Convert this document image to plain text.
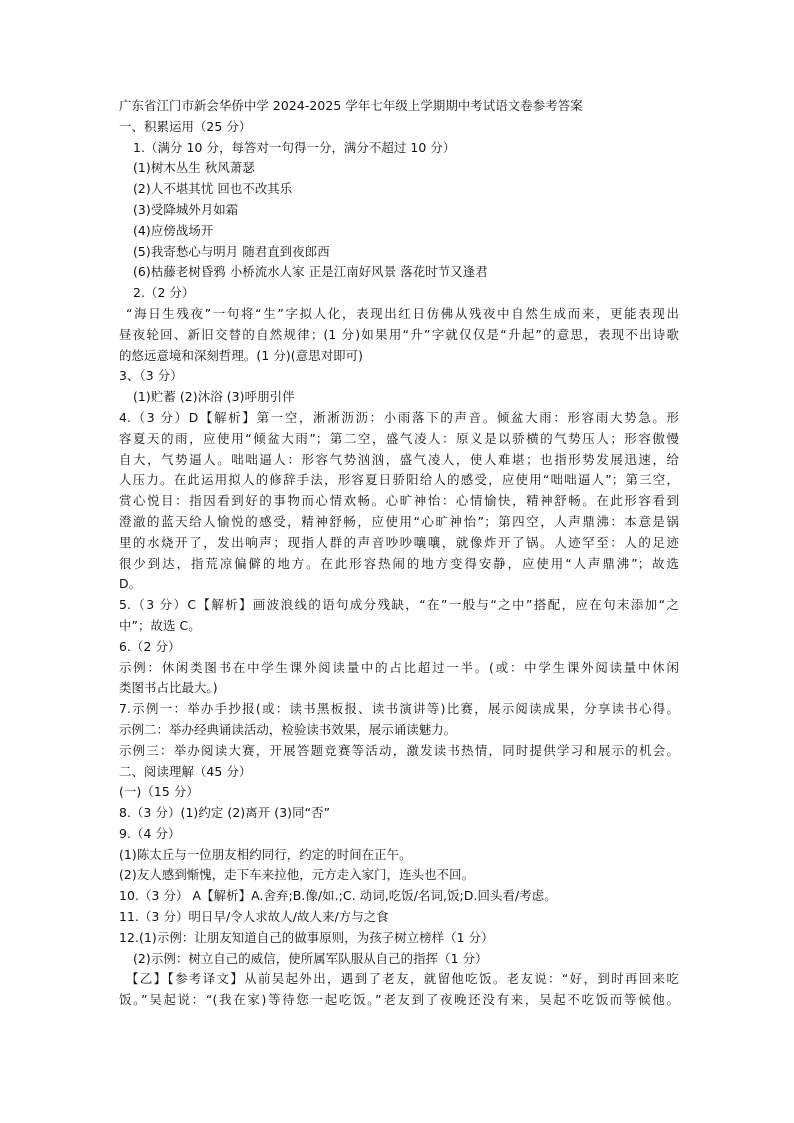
广东省江门市新会华侨中学 2024-2025 学年七年级上学期期中考试语文卷参考答案
一、积累运用（25 分）
1.（满分 10 分，每答对一句得一分，满分不超过 10 分）
(1)树木丛生 秋风萧瑟
(2)人不堪其忧 回也不改其乐
(3)受降城外月如霜
(4)应傍战场开
(5)我寄愁心与明月 随君直到夜郎西
(6)枯藤老树昏鸦 小桥流水人家 正是江南好风景 落花时节又逢君
2.（2 分）
“海日生残夜”一句将“生”字拟人化，表现出红日仿佛从残夜中自然生成而来，更能表现出
昼夜轮回、新旧交替的自然规律；(1 分)如果用“升”字就仅仅是“升起”的意思，表现不出诗歌
的悠远意境和深刻哲理。(1 分)(意思对即可)
3、（3 分）
(1)贮蓄 (2)沐浴 (3)呼朋引伴
4.（3 分）D【解析】第一空，淅淅沥沥：小雨落下的声音。倾盆大雨：形容雨大势急。形
容夏天的雨，应使用“倾盆大雨”；第二空，盛气凌人：原义是以骄横的气势压人；形容傲慢
自大，气势逼人。咄咄逼人：形容气势汹汹，盛气凌人，使人难堪；也指形势发展迅速，给
人压力。在此运用拟人的修辞手法，形容夏日骄阳给人的感受，应使用“咄咄逼人”；第三空，
赏心悦目：指因看到好的事物而心情欢畅。心旷神怡：心情愉快，精神舒畅。在此形容看到
澄澈的蓝天给人愉悦的感受，精神舒畅，应使用“心旷神怡”；第四空，人声鼎沸：本意是锅
里的水烧开了，发出响声；现指人群的声音吵吵嚷嚷，就像炸开了锅。人迹罕至：人的足迹
很少到达，指荒凉偏僻的地方。在此形容热闹的地方变得安静，应使用“人声鼎沸”；故选
D。
5.（3 分）C【解析】画波浪线的语句成分残缺，“在”一般与“之中”搭配，应在句末添加“之
中”；故选 C。
6.（2 分）
示例：休闲类图书在中学生课外阅读量中的占比超过一半。(或：中学生课外阅读量中休闲
类图书占比最大。)
7.示例一：举办手抄报(或：读书黑板报、读书演讲等)比赛，展示阅读成果，分享读书心得。
示例二：举办经典诵读活动，检验读书效果，展示诵读魅力。
示例三：举办阅读大赛，开展答题竞赛等活动，激发读书热情，同时提供学习和展示的机会。
二、阅读理解（45 分）
(一)（15 分）
8.（3 分）(1)约定 (2)离开 (3)同“否”
9.（4 分）
(1)陈太丘与一位朋友相约同行，约定的时间在正午。
(2)友人感到惭愧，走下车来拉他，元方走入家门，连头也不回。
10.（3 分） A【解析】A.舍弃;B.像/如.;C. 动词,吃饭/名词,饭;D.回头看/考虑。
11.（3 分）明日早/令人求故人/故人来/方与之食
12.(1)示例：让朋友知道自己的做事原则，为孩子树立榜样（1 分）
(2)示例：树立自己的威信，使所属军队服从自己的指挥（1 分）
【乙】【参考译文】从前吴起外出，遇到了老友，就留他吃饭。老友说：“好，到时再回来吃
饭。”吴起说：“(我在家)等待您一起吃饭。”老友到了夜晚还没有来，吴起不吃饭而等候他。
